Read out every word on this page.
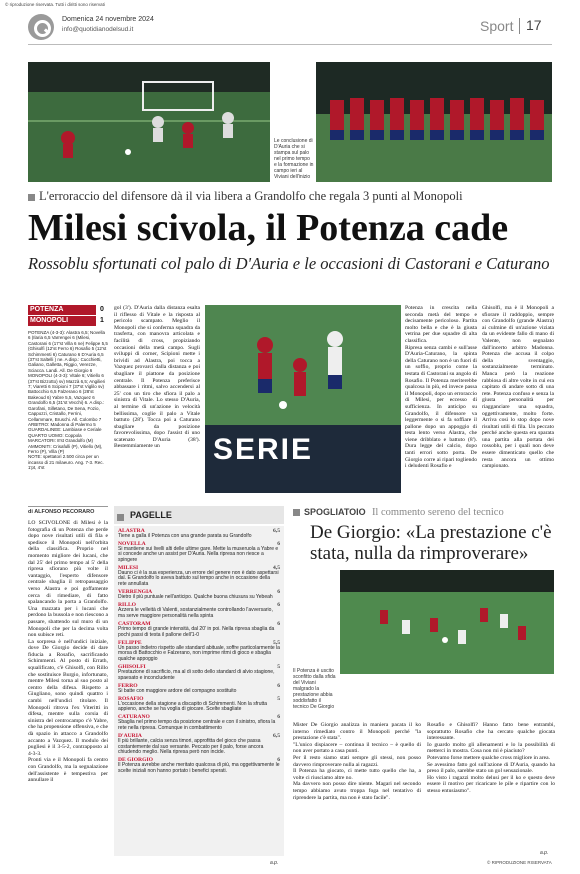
© riproduzione riservata. Tutti i diritti sono riservati
Domenica 24 novembre 2024
info@quotidianodelsud.it	Sport 17
Le conclusione di D'Auria che si stampa sul palo nel primo tempo e la formazione in campo ieri al Viviani dell'inizio
L'erroraccio del difensore dà il via libera a Grandolfo che regala 3 punti al Monopoli
Milesi scivola, il Potenza cade
Rossoblu sfortunati col palo di D'Auria e le occasioni di Castorani e Caturano
POTENZA	0
MONOPOLI	1
POTENZA (4-3-3): Alastra 6,5; Novella 6 (Ilaria 6,5 Varrengei 6 (Milesi, Castorani 6 (17'st Villa 6 ne) Felippe 5,5 (Ghisolfi (12'st Ferro 6) Rosafio 5 (12'st Schimmenti 6) Caturano 6 D'Auria 6,5 (37'st Saltelli ) ne. A disp.: Cucchietti, Galiano, Galletta, Riggio, Verezze, Sciacca. Landi. All. De Giorgio 6
MONOPOLI (4-3-3): Vitale 6; Vitiello 6 (37'st Bizzotto) sv) Mazzà 6,5; Angilieri 7; Viaretti 6 Scipioni 7 (37'st Viglilo sv) Battocchio 6,5 Falzerano 6 (28'st Bakeoud 6) Yabre 5,5, Vazquez 6 Grandolfo 6,5 (31'st Vecchi) 6. A disp.: Garofani, Silletano, De Sena, Fozio, Cappozzi, Cristallo, Ferrini, Cellammare, Bruschi. All. Colombo 7
ARBITRO: Madonna di Palermo 5
GUARDALINEE: Lambiase e Ceriale
QUARTO UOMO: Coppola
MARCATORI: 8'st Grandolfo (M)
AMMONITI: Crisafulli (P), Vitiello (M), Ferro (P), Villa (P)
NOTE: spettatori 2.500 circa per un incasso di 21 milaeuro. Ang. 7-3. Rec. 1'pt, 4'st
di ALFONSO PECORARO
LO SCIVOLONE di Milesi è la fotografia di un Potenza che perde dopo nove risultati utili di fila e spedisce il Monopoli nell'orbita della classifica. Proprio nel momento migliore dei lucani, che dal 25' del primo tempo al 5' della ripresa sfiorano più volte il vantaggio, l'esperto difensore centrale sbaglia il retropassaggio verso Alastra e poi goffamente cerca di rimediare, di fatto spalancando la porta a Grandolfo. Una mazzata per i lucani che perdono la bussola e non riescono a passare, sbattendo sul muro di un Monopoli che per la decima volta non subisce reti.
La sorpresa è nell'undici iniziale, dove De Giorgio decide di dare fiducia a Rosafio, sacrificando Schimmenti. Al posto di Errath, squalificato, c'è Ghisolfi, con Rillo che sostituisce Burgio, infortunato, mentre Milesi torna al suo posto al centro della difesa. Rispetto a Giugliano, sono quindi quattro i cambi nell'undici titolare. Il Monopoli ritrova l'ex Viteritti in difesa, mentre sulla corsia di sinistra del centrocampo c'è Yabre, che ha propensione offensiva, e che dà spazio in attacco a Grandolfo accanto a Vazquez. Il modulo dei pugliesi è il 3-5-2, contrapposto al 4-3-3.
Pronti via e il Monopoli fa centro con Grandolfo, ma la segnalazione dell'assistente è tempestiva per annullare il
gol (3'). D'Auria dalla distanza esalta il riflesso di Vitale e la risposta al pericolo scampato. Meglio il Monopoli che si conferma squadra da trasferta, con manovra articolata e facilità di cross, propiziando occasioni della metà campo. Sugli sviluppi di corner, Scipioni mette i brividi ad Alastra, poi tocca a Vazquez provarci dalla distanza e poi sbagliare il piattone da posizione centrale. Il Potenza preferisce abbassare i ritmi, salvo accendersi al 25' con un tiro che sfiora il palo a sinistra di Vitale. Lo stesso D'Auria, al termine di un'azione in velocità bellissima, coglie il palo a Vitale battuto (28'). Tocca poi a Caturano sbagliare da posizione favorevolissima, dopo l'assist di uno scatenato D'Auria (38'). Bestemmiamente un	SERIE
Potenza in crescita nella seconda metà del tempo e decisamente pericoloso. Partita molto bella e che è la giusta vetrina per due squadre di alta classifica.
Ripresa senza cambi e sull'asse D'Auria-Caturano, la spinta della Caturano non è un fuori di un soffio, proprio come la testata di Castorani su angolo di Rosafio. Il Potenza meriterebbe qualcosa in più, ed invece passa il Monopoli, dopo un erroraccio di Milesi, per eccesso di sufficienza. In anticipo su Grandolfo, il difensore va leggermente o si fa soffiare il pallone dopo un appoggio di testa lento verso Alastra, che viene dribblato e battuto (8'). Dura legge del calcio, dopo tanti errori sotto porta. De Giorgio corre ai ripari togliendo i deludenti Rosafio e
Ghisolfi, ma è il Monopoli a sfiorare il raddoppio, sempre con Grandolfo (grande Alastra) ai culmine di un'azione viziata da un evidente fallo di mano di Valente, non segnalato dall'incerto arbitro Madonna. Potenza che accusa il colpo della sventaggio, sostanzialmente terminato. Manca però la reazione rabbiosa di altre volte in cui era capitato di andare sotto di una rete. Potenza confuso e senza la giusta personalità per riagganciare una squadra, oggettivamente, molto forte. Arriva così lo stop dopo nove risultati utili di fila. Un peccato perché anche questa era sparata una partita alla portata dei rossoblu, per i quali non deve essere dimenticato quello che resta ancora un ottimo campionato.
PAGELLE
ALASTRA	6,5
Tiene a galla il Potenza con una grande parata su Grandolfo
NOVELLA	6
Si mantiene sui livelli alti delle ultime gare. Mette la museruola a Yabre e si concede anche un assist per D'Auria. Nella ripresa non riesce a spingere
MILESI	4,5
Dauno ci è la sua esperienza, un errore del genere non è dato aspettarsi dal. E Grandolfo lo aveva battuto sul tempo anche in occasione della rete annullata
VERRENGIA	6
Dietro il più puntuale nell'anticipo. Qualche buona chiusura su Yebeah
RILLO	6
Azzera le velleità di Valenti, sostanzialmente controllando l'avversario, ma serve maggiore personalità nella spinta
CASTORAM	6
Primo tempo di grande intensità, dal 20' in poi. Nella ripresa sbaglia da pochi passi di testa il pallone dell'1-0
FELIPPE	5,5
Un passo indietro rispetto alle standard abituale, soffre particolarmente la morsa di Battocchio e Falzerano, non imprime ritmi di gioco e sbaglia qualche appoggio
GHISOLFI	5
Prestazione di sacrificio, ma al di sotto dello standard di alvio stagione, spaesato e inconcludente
FERRO	6
Si batte con maggiore ardore del compagno sostituito
ROSAFIO	5
L'occasione della stagione a discapito di Schimmenti. Non la sfrutta appieno, anche se ha voglia di giocare. Scelte sbagliate
CATURANO	6
Sbaglia nel primo tempo da posizione centrale e con il sinistro, sfiora la rete nella ripresa. Comunque in combattimento
D'AURIA	6,5
Il più brillante, calcia senza timori, approfitta del gioco che passa costantemente dal suo versante. Peccato per il palo, forse ancora chiudendo meglio. Nella ripresa però non incide.
DE GIORGIO	6
Il Potenza avrebbe anche meritato qualcosa di più, ma oggettivamente le scelte iniziali non hanno portato i benefici sperati.
a.p.
SPOGLIATOIO Il commento sereno del tecnico
De Giorgio: «La prestazione c'è stata, nulla da rimproverare»
Il Potenza è uscito sconfitto dalla sfida del Viviani malgrado la prestazione abbia soddisfatto il tecnico De Giorgio
Mister De Giorgio analizza in maniera pacata il ko interno rimediato contro il Monopoli perché "la prestazione c'è stata".
"L'unico dispiacere – continua il tecnico – è quello di non aver portato a casa punti.
Per il resto siamo stati sempre gli stessi, non posso davvero rimproverare nulla ai ragazzi.
Il Potenza ha giocato, ci mette tutto quello che ha, a volte ci riusciamo altre no.
Ma davvero non posso dire niente. Magari nel secondo tempo abbiamo avuto troppa foga nel tentativo di riprendere la partita, ma non è stato facile".
Rosafio e Ghisolfi? Hanno fatto bene entrambi, soprattutto Rosafio che ha cercato qualche giocata interessante.
Io guardo molto gli allenamenti e lo la possibilità di metterci in mostra. Cosa non mi è piaciuto?
Potevamo forse mettere qualche cross migliore in area.
Se avessimo fatto gol sull'azione di D'Auria, quando ha preso il palo, sarebbe stato un gol sensazionale.
Ho visto i ragazzi molto delusi per il ko e questo deve essere il motivo per ricaricare le pile e ripartire con lo stesso entusiasmo".
a.p.
© RIPRODUZIONE RISERVATA
